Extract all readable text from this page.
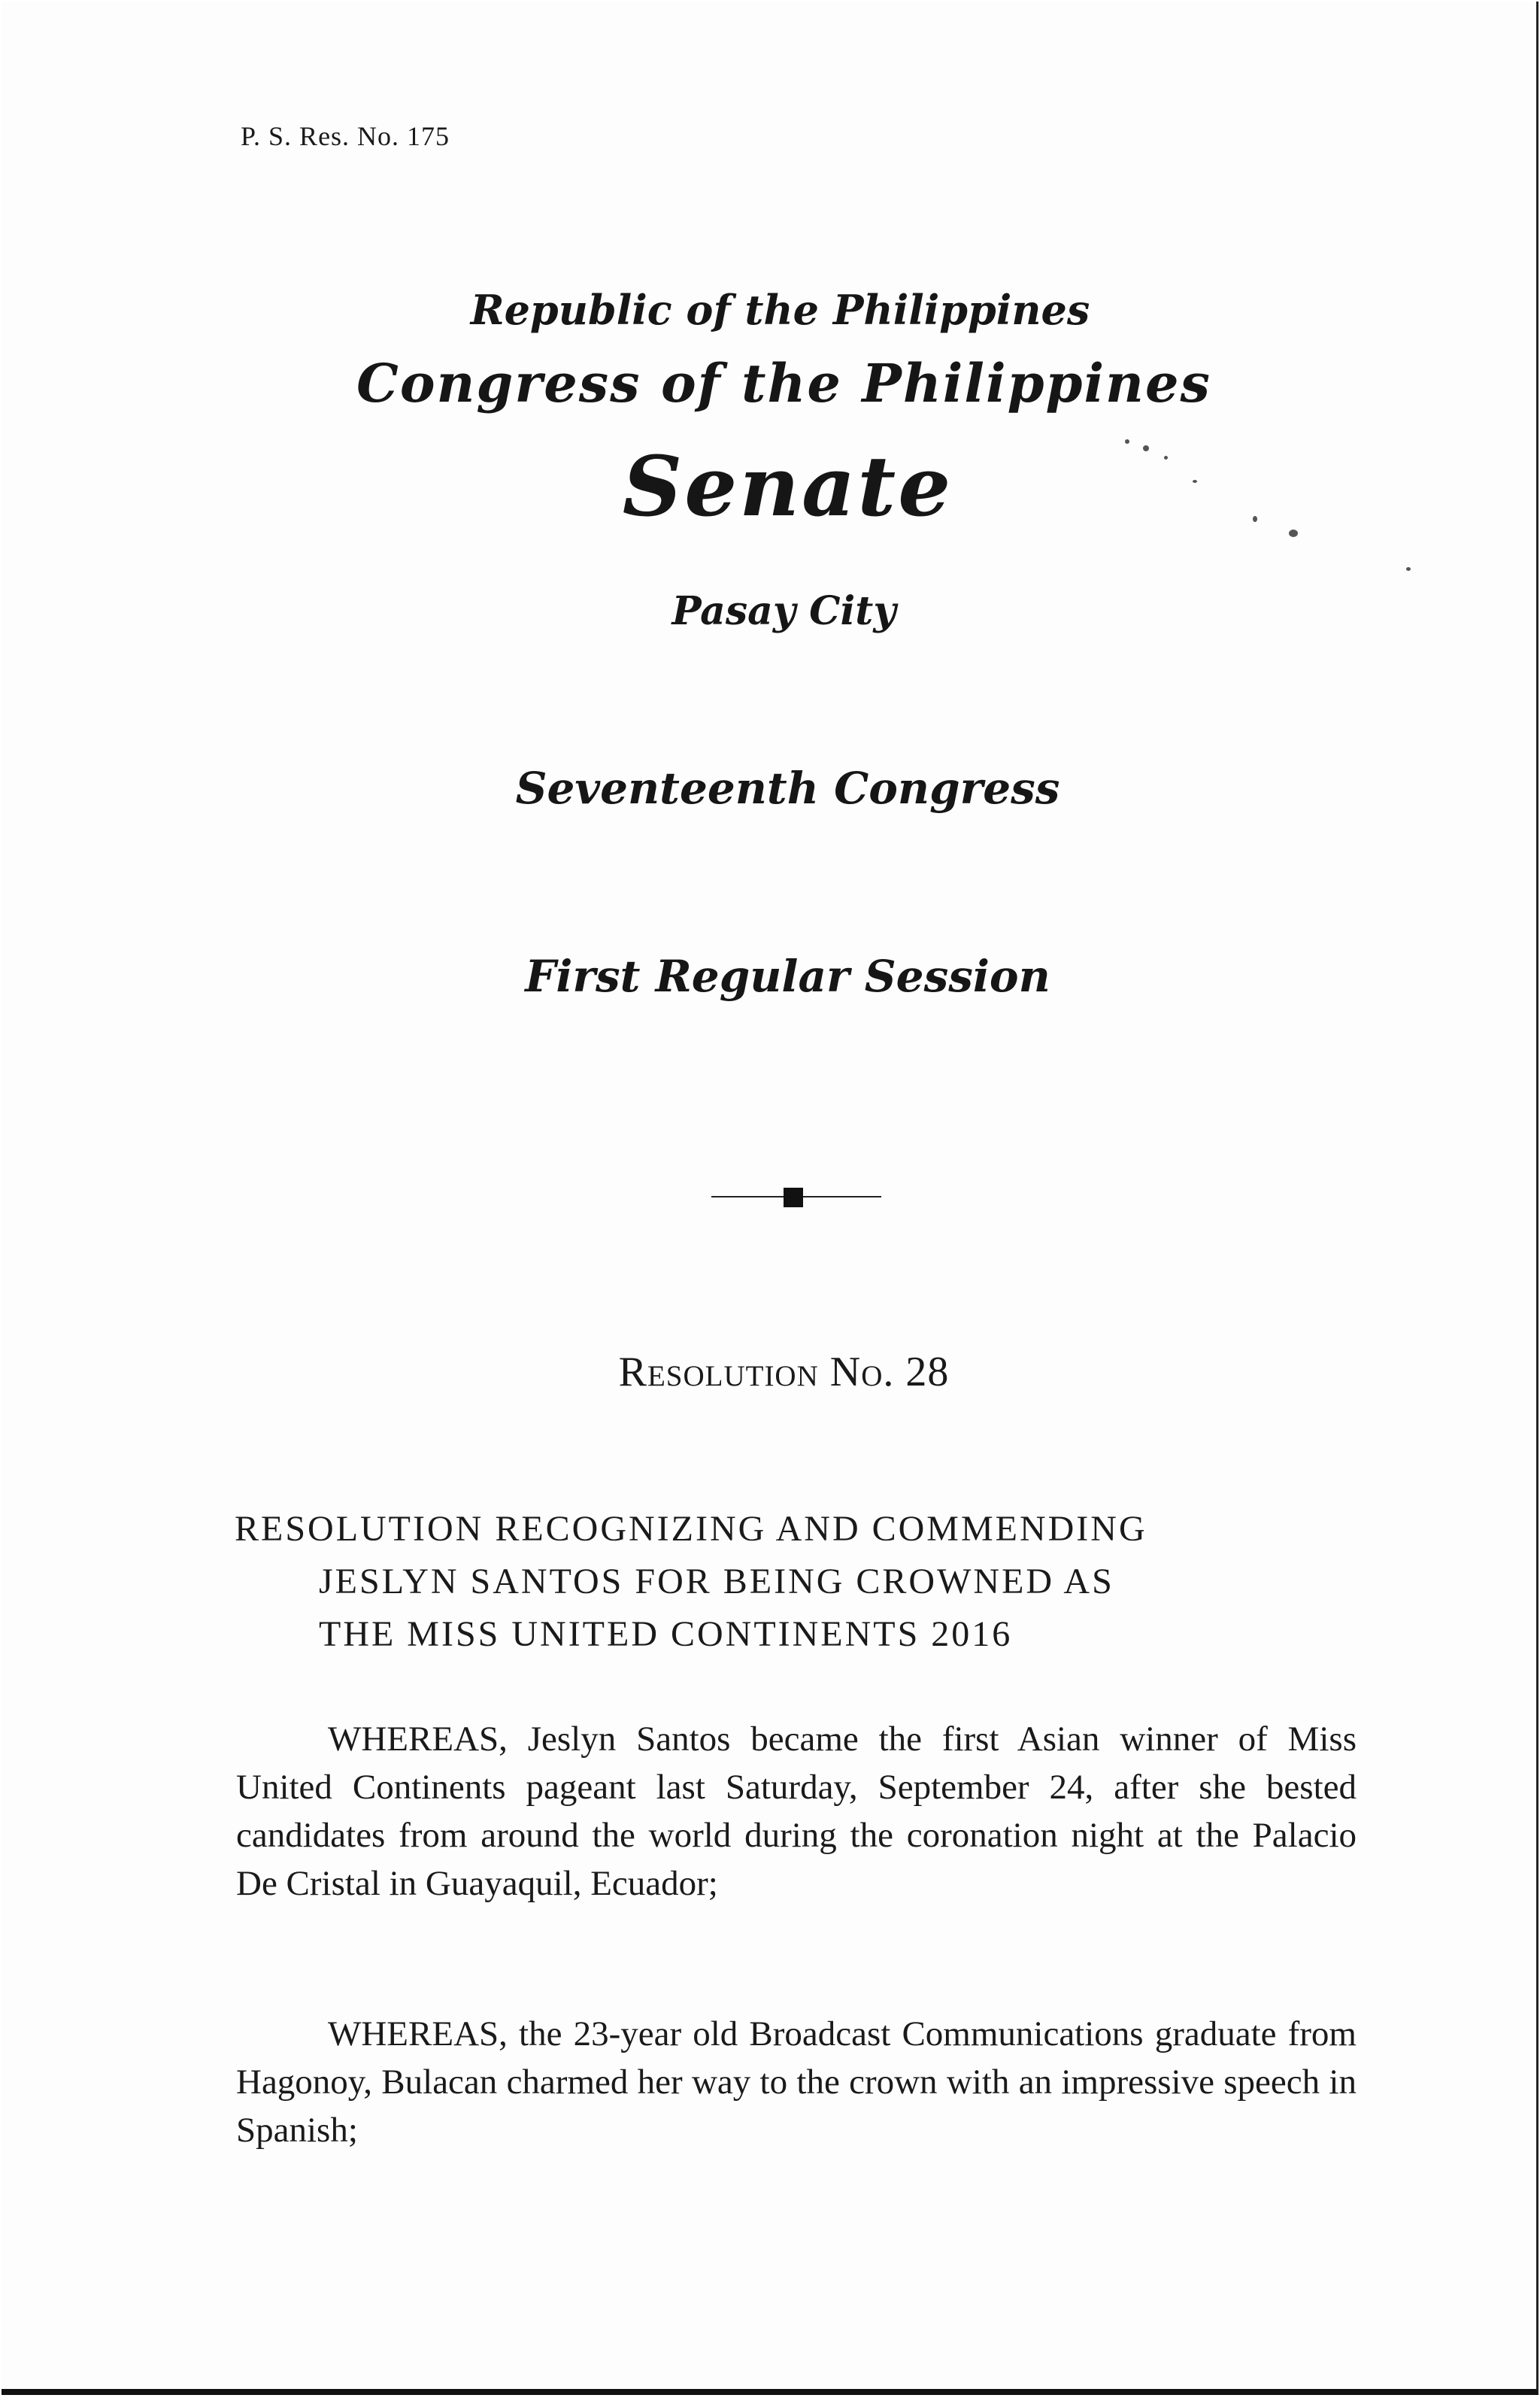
P. S. Res. No. 175
Republic of the Philippines
Congress of the Philippines
Senate
Pasay City
Seventeenth Congress
First Regular Session
Resolution No. 28
RESOLUTION RECOGNIZING AND COMMENDING
JESLYN SANTOS FOR BEING CROWNED AS
THE MISS UNITED CONTINENTS 2016
WHEREAS, Jeslyn Santos became the first Asian winner of Miss United Continents pageant last Saturday, September 24, after she bested candidates from around the world during the coronation night at the Palacio De Cristal in Guayaquil, Ecuador;
WHEREAS, the 23-year old Broadcast Communications graduate from Hagonoy, Bulacan charmed her way to the crown with an impressive speech in Spanish;
